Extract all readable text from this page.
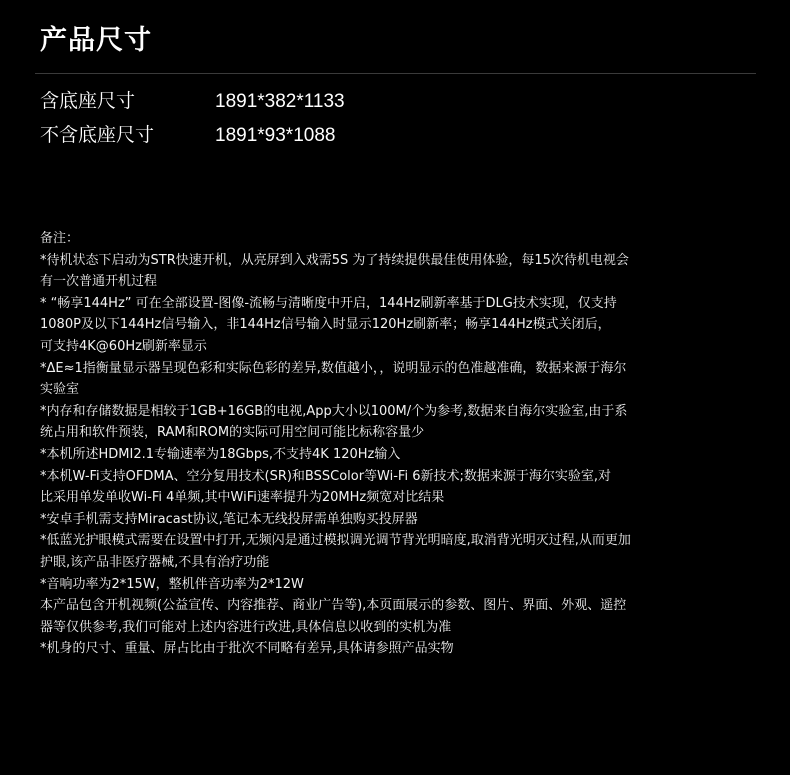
产品尺寸
含底座尺寸	1891*382*1133
不含底座尺寸	1891*93*1088
备注：
*待机状态下启动为STR快速开机，从亮屏到入戏需5S 为了持续提供最佳使用体验，每15次待机电视会
有一次普通开机过程
* “畅享144Hz” 可在全部设置-图像-流畅与清晰度中开启，144Hz刷新率基于DLG技术实现，仅支持
1080P及以下144Hz信号输入，非144Hz信号输入时显示120Hz刷新率；畅享144Hz模式关闭后，
可支持4K@60Hz刷新率显示
*ΔE≈1指衡量显示器呈现色彩和实际色彩的差异,数值越小，，说明显示的色准越准确，数据来源于海尔
实验室
*内存和存储数据是相较于1GB+16GB的电视,App大小以100M/个为参考,数据来自海尔实验室,由于系
统占用和软件预装，RAM和ROM的实际可用空间可能比标称容量少
*本机所述HDMI2.1专输速率为18Gbps,不支持4K 120Hz输入
*本机W-Fi支持OFDMA、空分复用技术(SR)和BSSColor等Wi-Fi 6新技术;数据来源于海尔实验室,对
比采用单发单收Wi-Fi 4单频,其中WiFi速率提升为20MHz频宽对比结果
*安卓手机需支持Miracast协议,笔记本无线投屏需单独购买投屏器
*低蓝光护眼模式需要在设置中打开,无频闪是通过模拟调光调节背光明暗度,取消背光明灭过程,从而更加
护眼,该产品非医疗器械,不具有治疗功能
*音响功率为2*15W，整机伴音功率为2*12W
本产品包含开机视频(公益宣传、内容推荐、商业广告等),本页面展示的参数、图片、界面、外观、遥控
器等仅供参考,我们可能对上述内容进行改进,具体信息以收到的实机为准
*机身的尺寸、重量、屏占比由于批次不同略有差异,具体请参照产品实物
